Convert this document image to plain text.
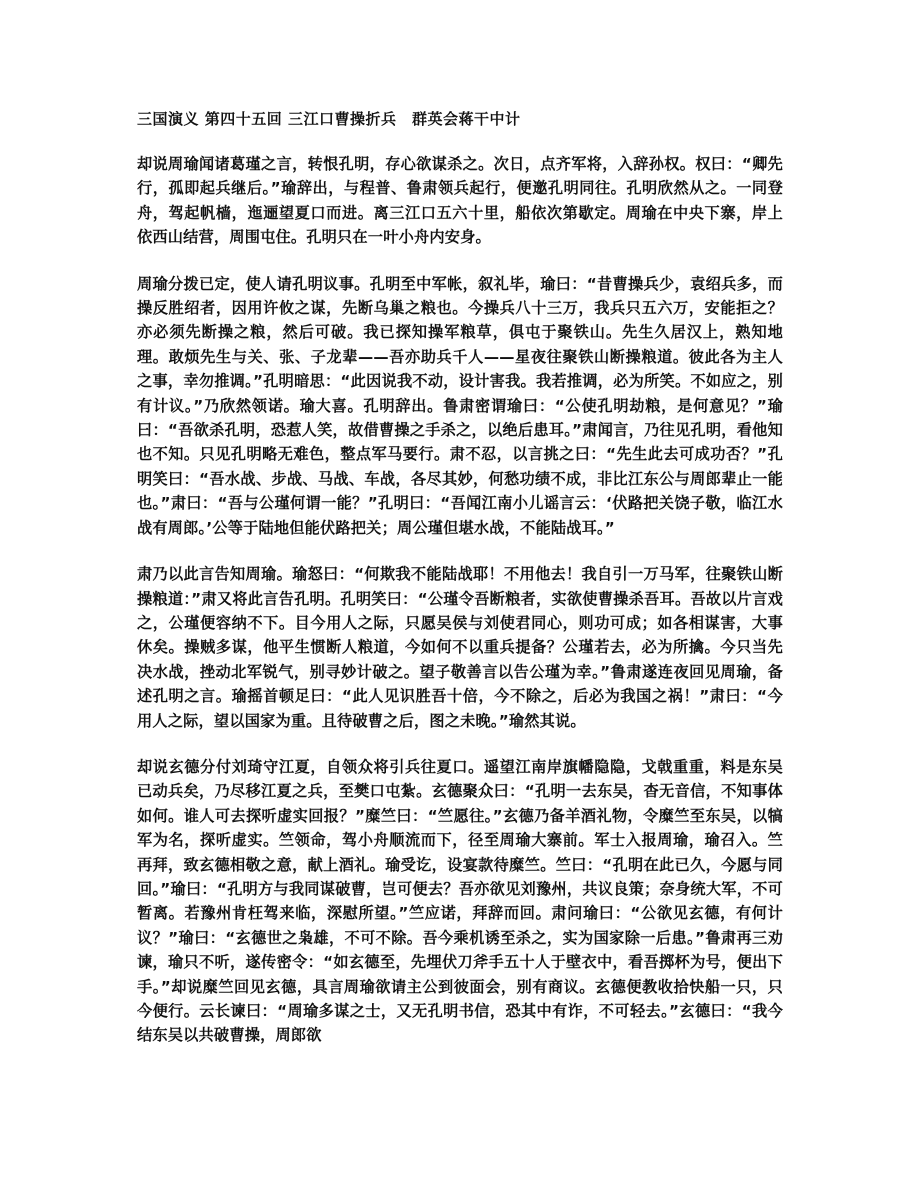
三国演义 第四十五回 三江口曹操折兵　群英会蒋干中计

却说周瑜闻诸葛瑾之言，转恨孔明，存心欲谋杀之。次日，点齐军将，入辞孙权。权曰：“卿先行，孤即起兵继后。”瑜辞出，与程普、鲁肃领兵起行，便邀孔明同往。孔明欣然从之。一同登舟，驾起帆樯，迤逦望夏口而进。离三江口五六十里，船依次第歇定。周瑜在中央下寨，岸上依西山结营，周围屯住。孔明只在一叶小舟内安身。

周瑜分拨已定，使人请孔明议事。孔明至中军帐，叙礼毕，瑜曰：“昔曹操兵少，袁绍兵多，而操反胜绍者，因用许攸之谋，先断乌巢之粮也。今操兵八十三万，我兵只五六万，安能拒之？亦必须先断操之粮，然后可破。我已探知操军粮草，俱屯于聚铁山。先生久居汉上，熟知地理。敢烦先生与关、张、子龙辈——吾亦助兵千人——星夜往聚铁山断操粮道。彼此各为主人之事，幸勿推调。”孔明暗思：“此因说我不动，设计害我。我若推调，必为所笑。不如应之，别有计议。”乃欣然领诺。瑜大喜。孔明辞出。鲁肃密谓瑜曰：“公使孔明劫粮，是何意见？”瑜曰：“吾欲杀孔明，恐惹人笑，故借曹操之手杀之，以绝后患耳。”肃闻言，乃往见孔明，看他知也不知。只见孔明略无难色，整点军马要行。肃不忍，以言挑之曰：“先生此去可成功否？”孔明笑曰：“吾水战、步战、马战、车战，各尽其妙，何愁功绩不成，非比江东公与周郎辈止一能也。”肃曰：“吾与公瑾何谓一能？”孔明曰：“吾闻江南小儿谣言云：‘伏路把关饶子敬，临江水战有周郎。’公等于陆地但能伏路把关；周公瑾但堪水战，不能陆战耳。”

肃乃以此言告知周瑜。瑜怒曰：“何欺我不能陆战耶！不用他去！我自引一万马军，往聚铁山断操粮道：”肃又将此言告孔明。孔明笑曰：“公瑾令吾断粮者，实欲使曹操杀吾耳。吾故以片言戏之，公瑾便容纳不下。目今用人之际，只愿吴侯与刘使君同心，则功可成；如各相谋害，大事休矣。操贼多谋，他平生惯断人粮道，今如何不以重兵提备？公瑾若去，必为所擒。今只当先决水战，挫动北军锐气，别寻妙计破之。望子敬善言以告公瑾为幸。”鲁肃遂连夜回见周瑜，备述孔明之言。瑜摇首顿足曰：“此人见识胜吾十倍，今不除之，后必为我国之祸！”肃曰：“今用人之际，望以国家为重。且待破曹之后，图之未晚。”瑜然其说。

却说玄德分付刘琦守江夏，自领众将引兵往夏口。遥望江南岸旗幡隐隐，戈戟重重，料是东吴已动兵矣，乃尽移江夏之兵，至樊口屯紮。玄德聚众曰：“孔明一去东吴，杳无音信，不知事体如何。谁人可去探听虚实回报？”糜竺曰：“竺愿往。”玄德乃备羊酒礼物，令糜竺至东吴，以犒军为名，探听虚实。竺领命，驾小舟顺流而下，径至周瑜大寨前。军士入报周瑜，瑜召入。竺再拜，致玄德相敬之意，献上酒礼。瑜受讫，设宴款待糜竺。竺曰：“孔明在此已久，今愿与同回。”瑜曰：“孔明方与我同谋破曹，岂可便去？吾亦欲见刘豫州，共议良策；奈身统大军，不可暂离。若豫州肯枉驾来临，深慰所望。”竺应诺，拜辞而回。肃问瑜曰：“公欲见玄德，有何计议？”瑜曰：“玄德世之枭雄，不可不除。吾今乘机诱至杀之，实为国家除一后患。”鲁肃再三劝谏，瑜只不听，遂传密令：“如玄德至，先埋伏刀斧手五十人于壁衣中，看吾掷杯为号，便出下手。”却说糜竺回见玄德，具言周瑜欲请主公到彼面会，别有商议。玄德便教收拾快船一只，只今便行。云长谏曰：“周瑜多谋之士，又无孔明书信，恐其中有诈，不可轻去。”玄德曰：“我今结东吴以共破曹操，周郎欲
